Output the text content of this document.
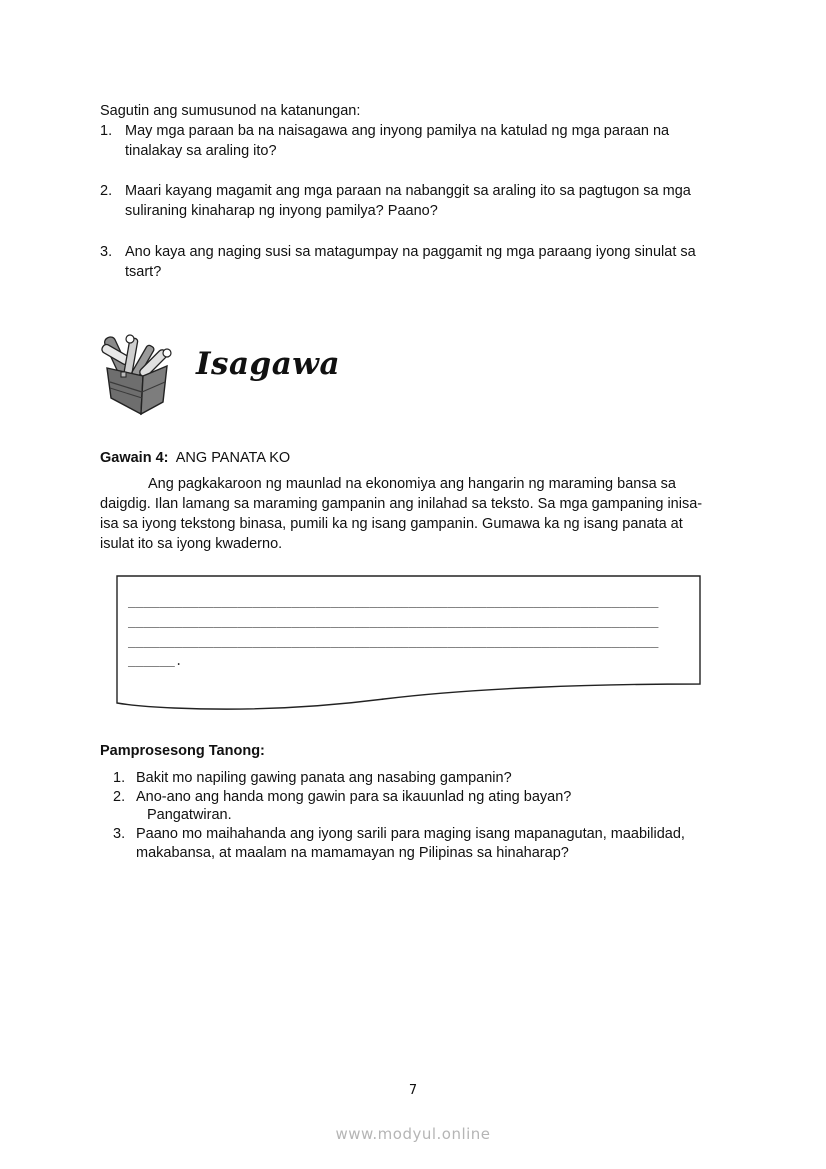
Sagutin ang sumusunod na katanungan:
1. May mga paraan ba na naisagawa ang inyong pamilya na katulad ng mga paraan na
tinalakay sa araling ito?
2. Maari kayang magamit ang mga paraan na nabanggit sa araling ito sa pagtugon sa mga
suliraning kinaharap ng inyong pamilya? Paano?
3. Ano kaya ang naging susi sa matagumpay na paggamit ng mga paraang iyong sinulat sa
tsart?
Isagawa
Gawain 4: ANG PANATA KO
Ang pagkakaroon ng maunlad na ekonomiya ang hangarin ng maraming bansa sa
daigdig. Ilan lamang sa maraming gampanin ang inilahad sa teksto. Sa mga gampaning inisa-
isa sa iyong tekstong binasa, pumili ka ng isang gampanin. Gumawa ka ng isang panata at
isulat ito sa iyong kwaderno.
____________________________________________________________________
____________________________________________________________________
____________________________________________________________________
______.
Pamprosesong Tanong:
1. Bakit mo napiling gawing panata ang nasabing gampanin?
2. Ano-ano ang handa mong gawin para sa ikauunlad ng ating bayan?
Pangatwiran.
3. Paano mo maihahanda ang iyong sarili para maging isang mapanagutan, maabilidad,
makabansa, at maalam na mamamayan ng Pilipinas sa hinaharap?
7
www.modyul.online
